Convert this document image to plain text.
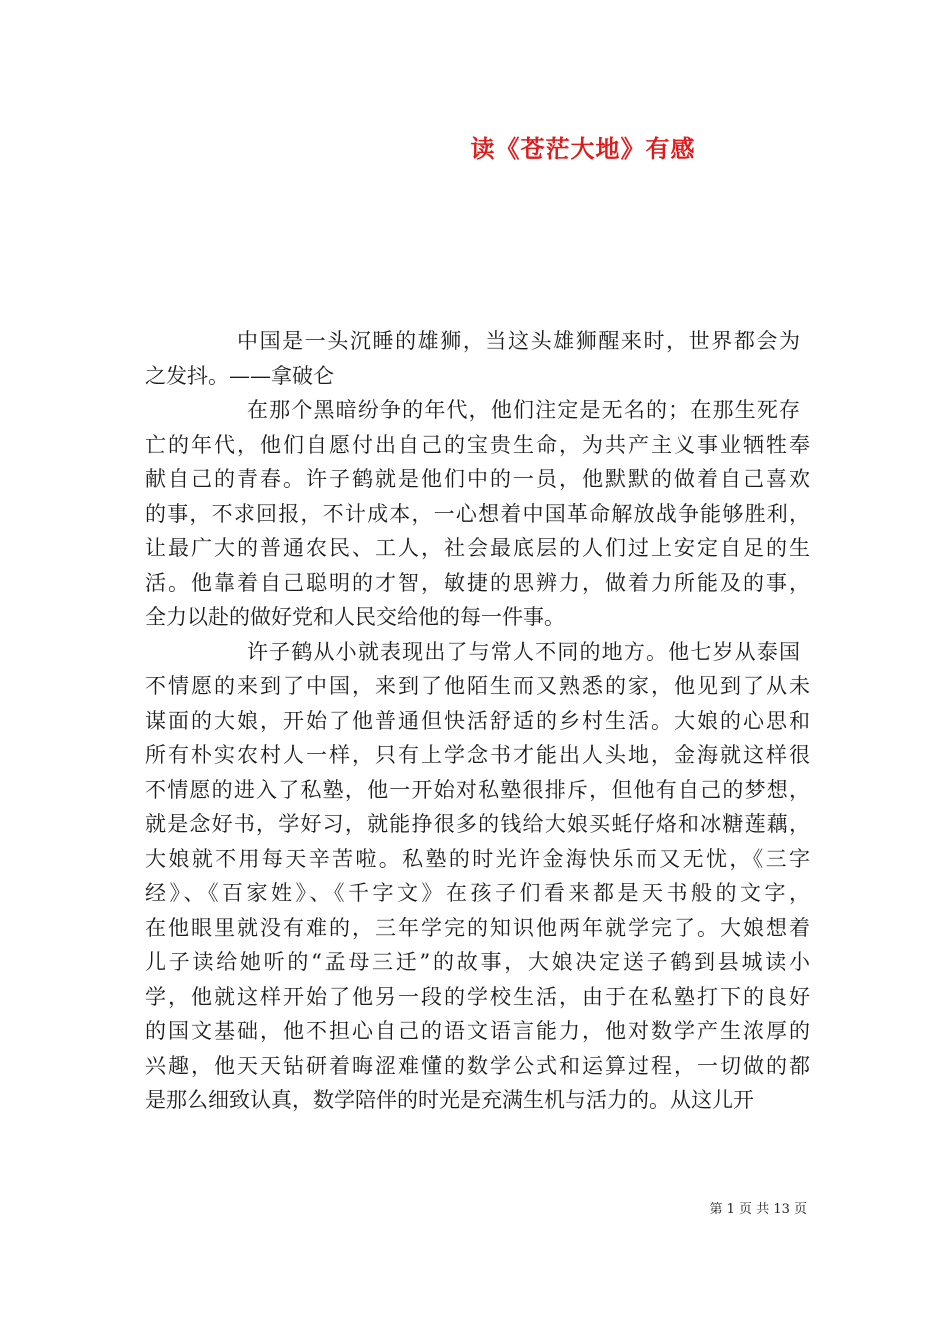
读《苍茫大地》有感
中国是一头沉睡的雄狮，当这头雄狮醒来时，世界都会为
之发抖。——拿破仑
在那个黑暗纷争的年代，他们注定是无名的；在那生死存
亡的年代，他们自愿付出自己的宝贵生命，为共产主义事业牺牲奉
献自己的青春。许子鹤就是他们中的一员，他默默的做着自己喜欢
的事，不求回报，不计成本，一心想着中国革命解放战争能够胜利，
让最广大的普通农民、工人，社会最底层的人们过上安定自足的生
活。他靠着自己聪明的才智，敏捷的思辨力，做着力所能及的事，
全力以赴的做好党和人民交给他的每一件事。
许子鹤从小就表现出了与常人不同的地方。他七岁从泰国
不情愿的来到了中国，来到了他陌生而又熟悉的家，他见到了从未
谋面的大娘，开始了他普通但快活舒适的乡村生活。大娘的心思和
所有朴实农村人一样，只有上学念书才能出人头地，金海就这样很
不情愿的进入了私塾，他一开始对私塾很排斥，但他有自己的梦想，
就是念好书，学好习，就能挣很多的钱给大娘买蚝仔烙和冰糖莲藕，
大娘就不用每天辛苦啦。私塾的时光许金海快乐而又无忧，《三字
经》、《百家姓》、《千字文》在孩子们看来都是天书般的文字，
在他眼里就没有难的，三年学完的知识他两年就学完了。大娘想着
儿子读给她听的“孟母三迁”的故事，大娘决定送子鹤到县城读小
学，他就这样开始了他另一段的学校生活，由于在私塾打下的良好
的国文基础，他不担心自己的语文语言能力，他对数学产生浓厚的
兴趣，他天天钻研着晦涩难懂的数学公式和运算过程，一切做的都
是那么细致认真，数学陪伴的时光是充满生机与活力的。从这儿开
第 1 页 共 13 页
